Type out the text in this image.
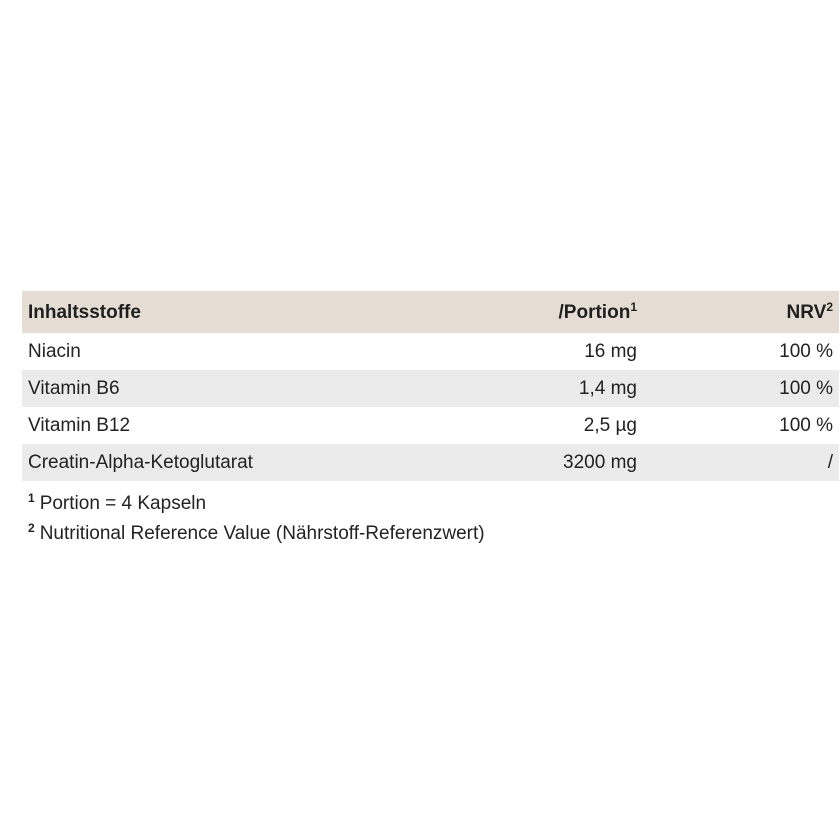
Inhaltsstoffe	/Portion$^1$	NRV$^2$
Niacin	16 mg	100 %
Vitamin B6	1,4 mg	100 %
Vitamin B12	2,5 µg	100 %
Creatin-Alpha-Ketoglutarat	3200 mg	/
$^1$ Portion = 4 Kapseln
$^2$ Nutritional Reference Value (Nährstoff-Referenzwert)
